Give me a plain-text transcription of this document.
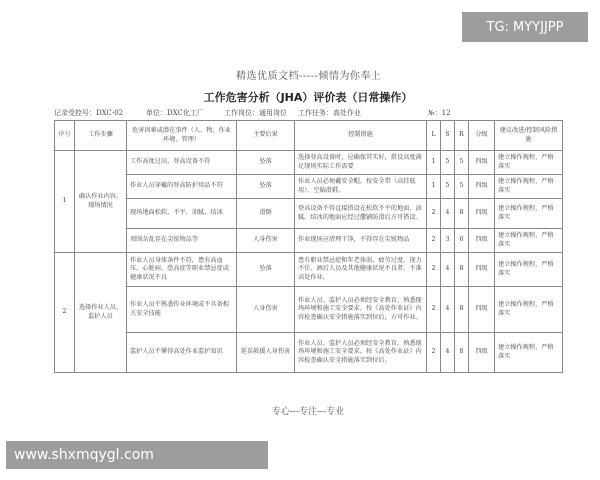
精选优质文档-----倾情为你奉上
工作危害分析（JHA）评价表（日常操作）
记录受控号：DXC-02	单位：DXC化工厂	工作岗位：通用岗位 工作任务：高处作业	№：12
序号	工作步骤	危害因素或潜在事件（人、物、作业环境、管理）	主要后果	控制措施	L	S	R	分级	建议改进/控制风险措施
1	确认作业内容、现场情况	工作高度过高，登高设备不符	坠落	选择登高设备时，应确保其实好，搭设高度满足现场实际工作需要	1	5	5	四级	建立操作规程，严格落实
		作业人员穿戴的登高防护用品不符	坠落	作业人员必须戴安全帽，按安全带（高挂低用）、空脑滑鞋。	1	5	5	四级	建立操作规程，严格落实
		现场地面松软、不平、油腻、结冰	滑倒	登高设备不得直接搭设在松软不平的地面，油腻、结冰的地面应经过撒铺防滑后方可搭设。	2	4	8	四级	建立操作规程，严格落实
		周围杂乱存在尖锐物品等	人身伤害	作业现场应清理干净，不得存在尖锐物品	2	3	6	四级	建立操作规程，严格落实
2	选择作业人员、监护人员	作业人员身体条件不符，患有高血压、心脏病、恐高症等职业禁忌症或健康状况不良	坠落	患有职业禁忌症和年老体弱、疲劳过度、视力不佳、酒后人员及其他健康状况不良者，不准高处作业。	2	4	8	四级	建立操作规程，严格落实
		作业人员不熟悉作业环境或不具备相关安全技能	人身伤害	作业人员、监护人员必须经安全教育，熟悉现场环境和施工安全要求，按《高处作业证》内容检查确认安全措施落实到位后，方可作业。	2	4	8	四级	建立操作规程，严格落实
		监护人员不懂得高处作业监护知识	延误救援人身伤害	作业人员、监护人员必须经安全教育，熟悉现场环境和施工安全要求，按《高处作业证》内容检查确认安全措施落实到位后。	2	4	8	四级	建立操作规程，严格落实
专心---专注---专业
TG: MYYJJPP
www.shxmqygl.com
